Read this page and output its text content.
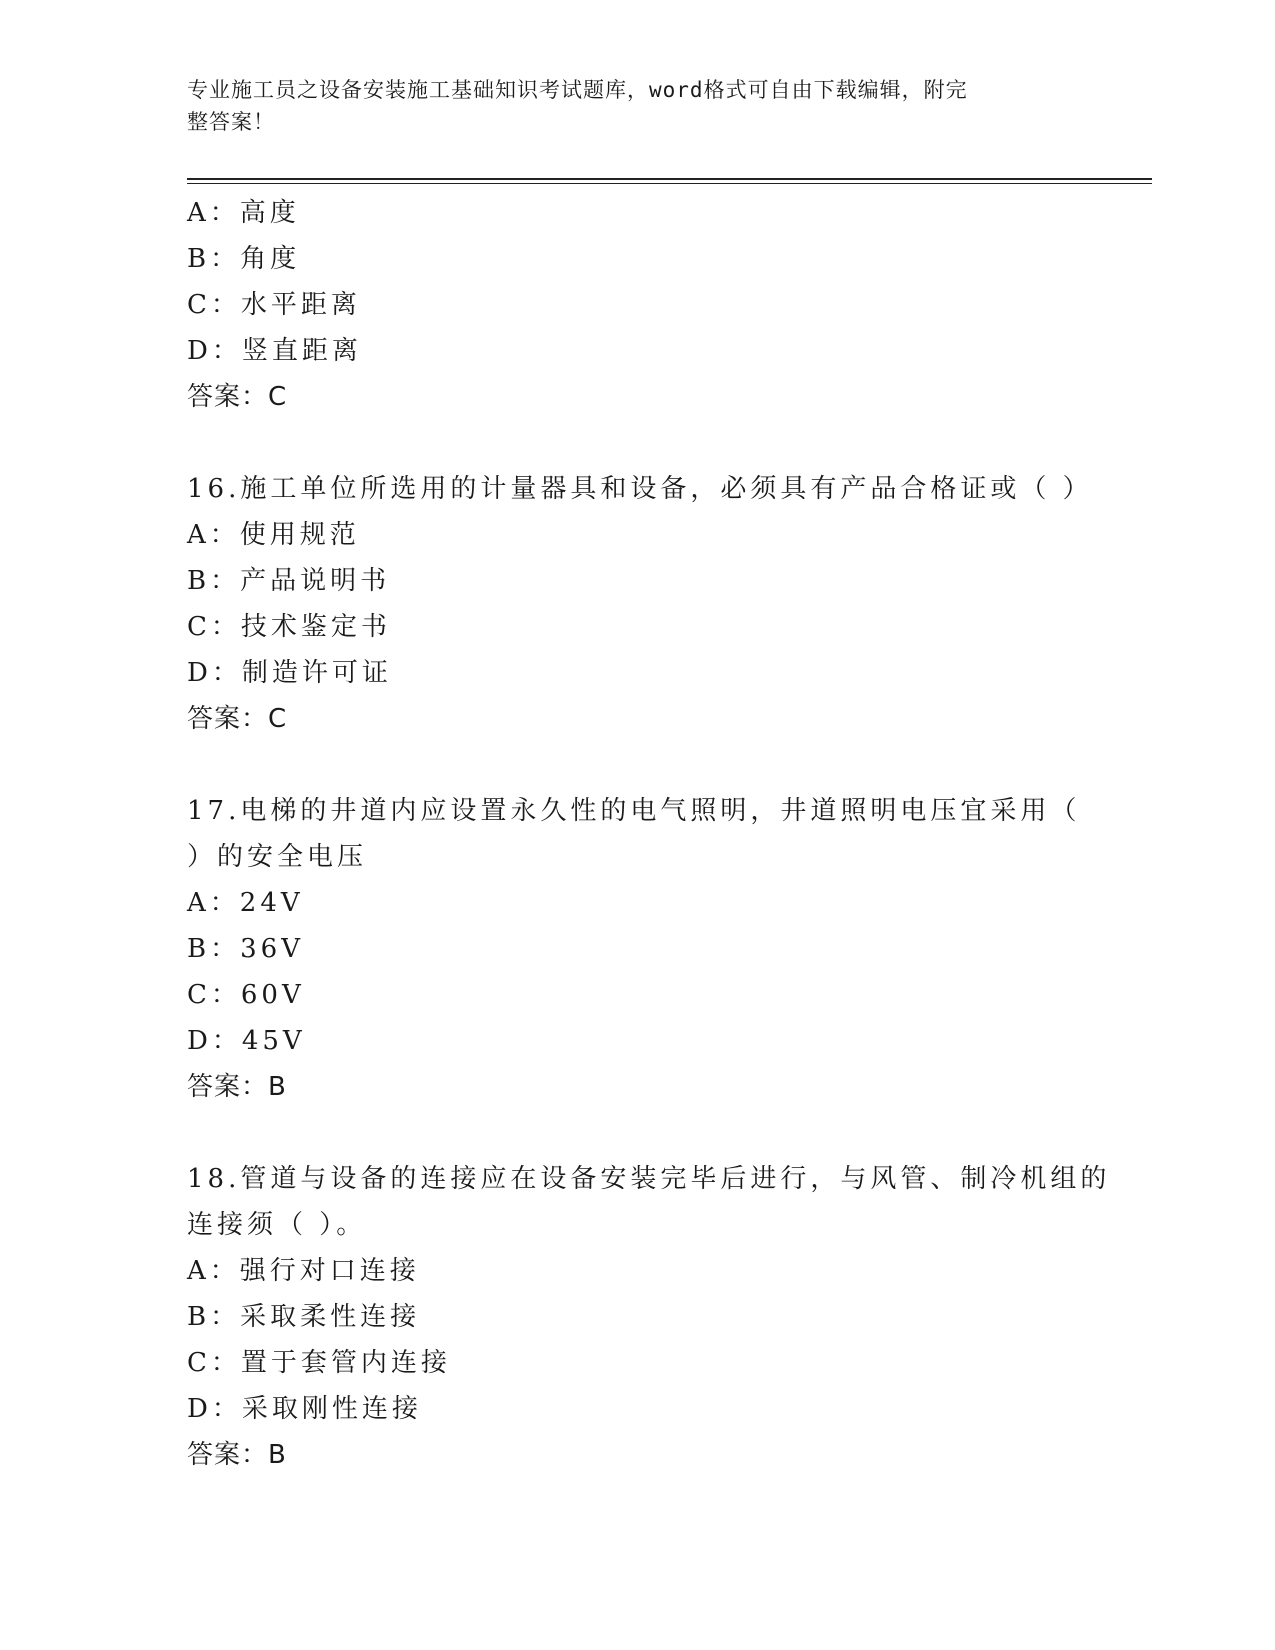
专业施工员之设备安装施工基础知识考试题库，word格式可自由下载编辑，附完
整答案！
A：高度
B：角度
C：水平距离
D：竖直距离
答案：C
16.施工单位所选用的计量器具和设备，必须具有产品合格证或（ ）
A：使用规范
B：产品说明书
C：技术鉴定书
D：制造许可证
答案：C
17.电梯的井道内应设置永久性的电气照明，井道照明电压宜采用（
）的安全电压
A：24V
B：36V
C：60V
D：45V
答案：B
18.管道与设备的连接应在设备安装完毕后进行，与风管、制冷机组的
连接须（ ）。
A：强行对口连接
B：采取柔性连接
C：置于套管内连接
D：采取刚性连接
答案：B
